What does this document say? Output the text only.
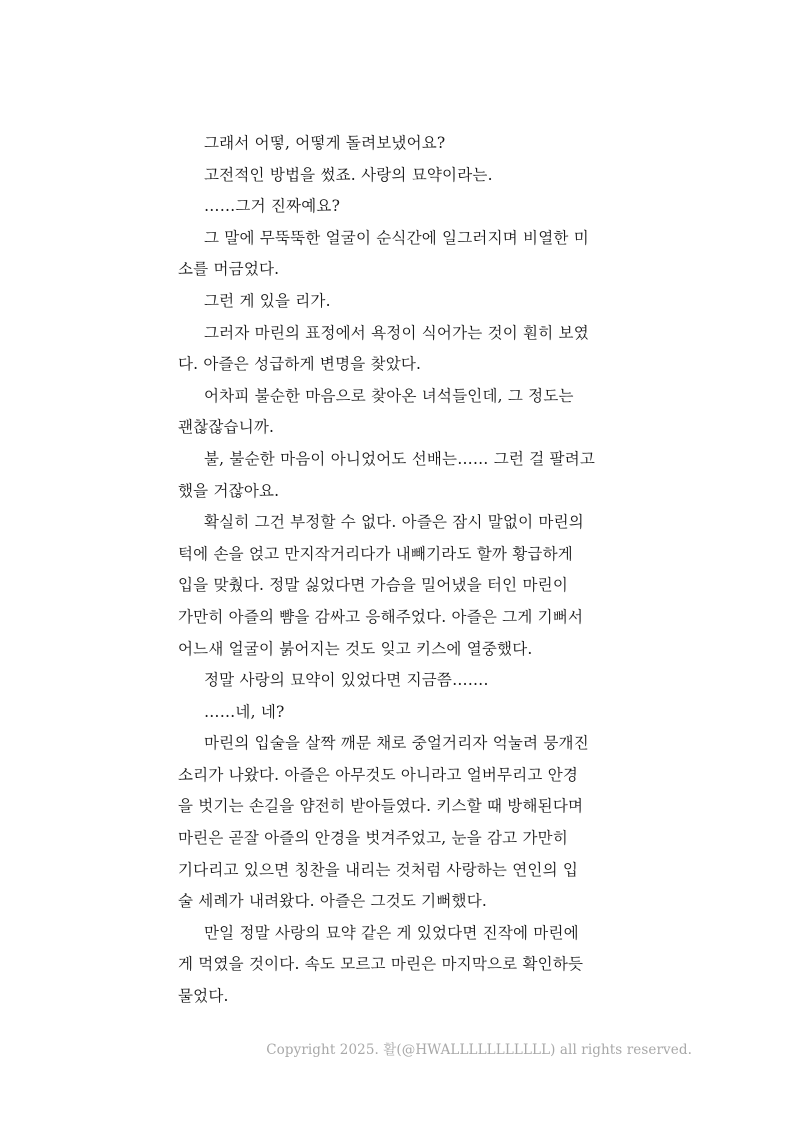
그래서 어떻, 어떻게 돌려보냈어요?

고전적인 방법을 썼죠. 사랑의 묘약이라는.

……그거 진짜예요?

그 말에 무뚝뚝한 얼굴이 순식간에 일그러지며 비열한 미
소를 머금었다.

그런 게 있을 리가.

그러자 마린의 표정에서 욕정이 식어가는 것이 훤히 보였
다. 아즐은 성급하게 변명을 찾았다.

어차피 불순한 마음으로 찾아온 녀석들인데, 그 정도는
괜찮잖습니까.

불, 불순한 마음이 아니었어도 선배는…… 그런 걸 팔려고
했을 거잖아요.

확실히 그건 부정할 수 없다. 아즐은 잠시 말없이 마린의
턱에 손을 얹고 만지작거리다가 내빼기라도 할까 황급하게
입을 맞췄다. 정말 싫었다면 가슴을 밀어냈을 터인 마린이
가만히 아즐의 뺨을 감싸고 응해주었다. 아즐은 그게 기뻐서
어느새 얼굴이 붉어지는 것도 잊고 키스에 열중했다.

정말 사랑의 묘약이 있었다면 지금쯤…….

……네, 네?

마린의 입술을 살짝 깨문 채로 중얼거리자 억눌려 뭉개진
소리가 나왔다. 아즐은 아무것도 아니라고 얼버무리고 안경
을 벗기는 손길을 얌전히 받아들였다. 키스할 때 방해된다며
마린은 곧잘 아즐의 안경을 벗겨주었고, 눈을 감고 가만히
기다리고 있으면 칭찬을 내리는 것처럼 사랑하는 연인의 입
술 세례가 내려왔다. 아즐은 그것도 기뻐했다.

만일 정말 사랑의 묘약 같은 게 있었다면 진작에 마린에
게 먹였을 것이다. 속도 모르고 마린은 마지막으로 확인하듯
물었다.

Copyright 2025. 활(@HWALLLLLLLLLLL) all rights reserved.
